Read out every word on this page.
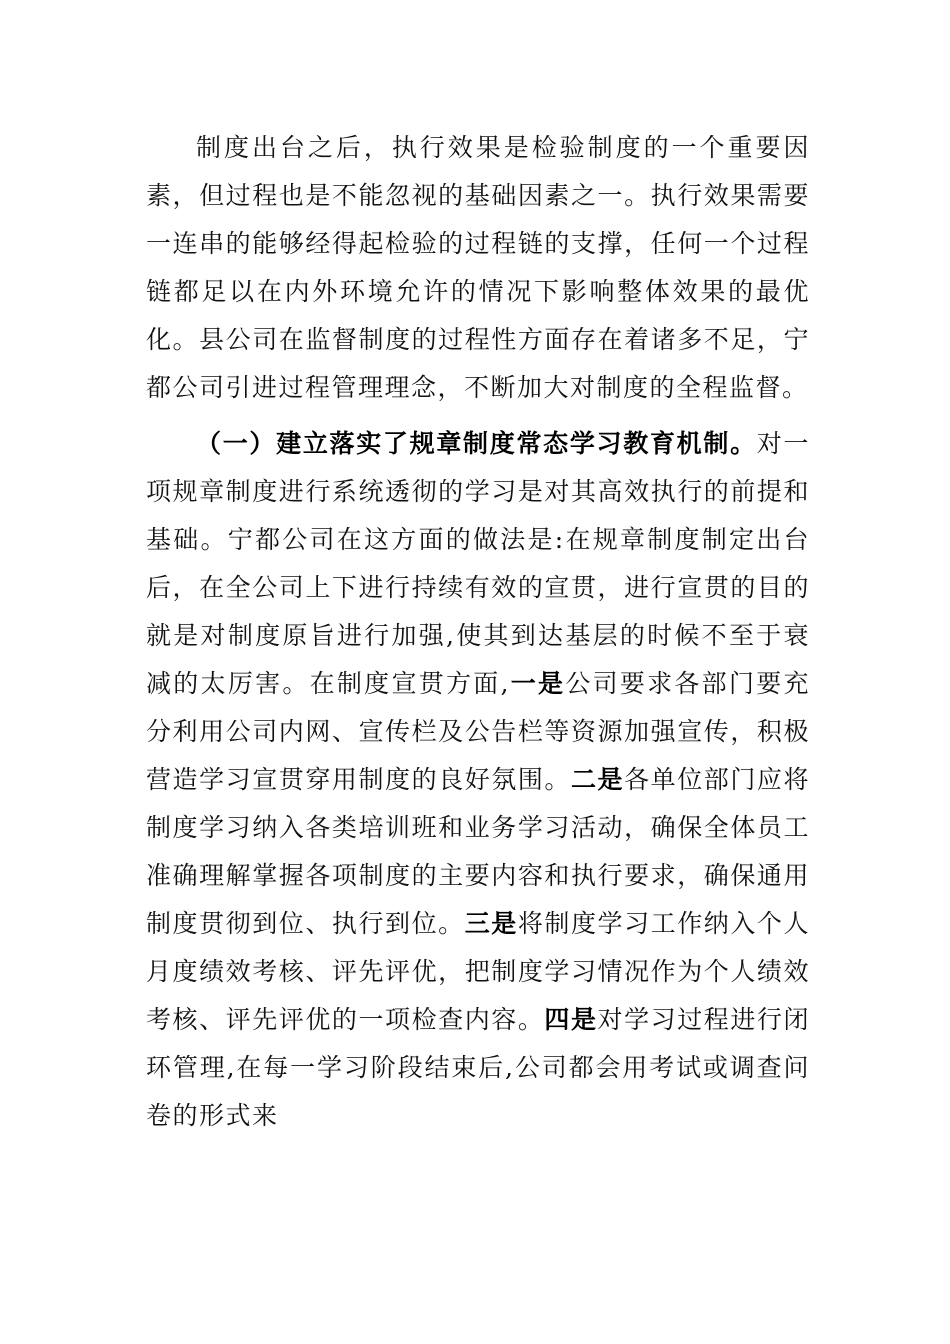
制度出台之后，执行效果是检验制度的一个重要因素，但过程也是不能忽视的基础因素之一。执行效果需要一连串的能够经得起检验的过程链的支撑，任何一个过程链都足以在内外环境允许的情况下影响整体效果的最优化。县公司在监督制度的过程性方面存在着诸多不足，宁都公司引进过程管理理念，不断加大对制度的全程监督。

（一）建立落实了规章制度常态学习教育机制。对一项规章制度进行系统透彻的学习是对其高效执行的前提和基础。宁都公司在这方面的做法是:在规章制度制定出台后，在全公司上下进行持续有效的宣贯，进行宣贯的目的就是对制度原旨进行加强,使其到达基层的时候不至于衰减的太厉害。在制度宣贯方面,一是公司要求各部门要充分利用公司内网、宣传栏及公告栏等资源加强宣传，积极营造学习宣贯穿用制度的良好氛围。二是各单位部门应将制度学习纳入各类培训班和业务学习活动，确保全体员工准确理解掌握各项制度的主要内容和执行要求，确保通用制度贯彻到位、执行到位。三是将制度学习工作纳入个人月度绩效考核、评先评优，把制度学习情况作为个人绩效考核、评先评优的一项检查内容。四是对学习过程进行闭环管理,在每一学习阶段结束后,公司都会用考试或调查问卷的形式来
